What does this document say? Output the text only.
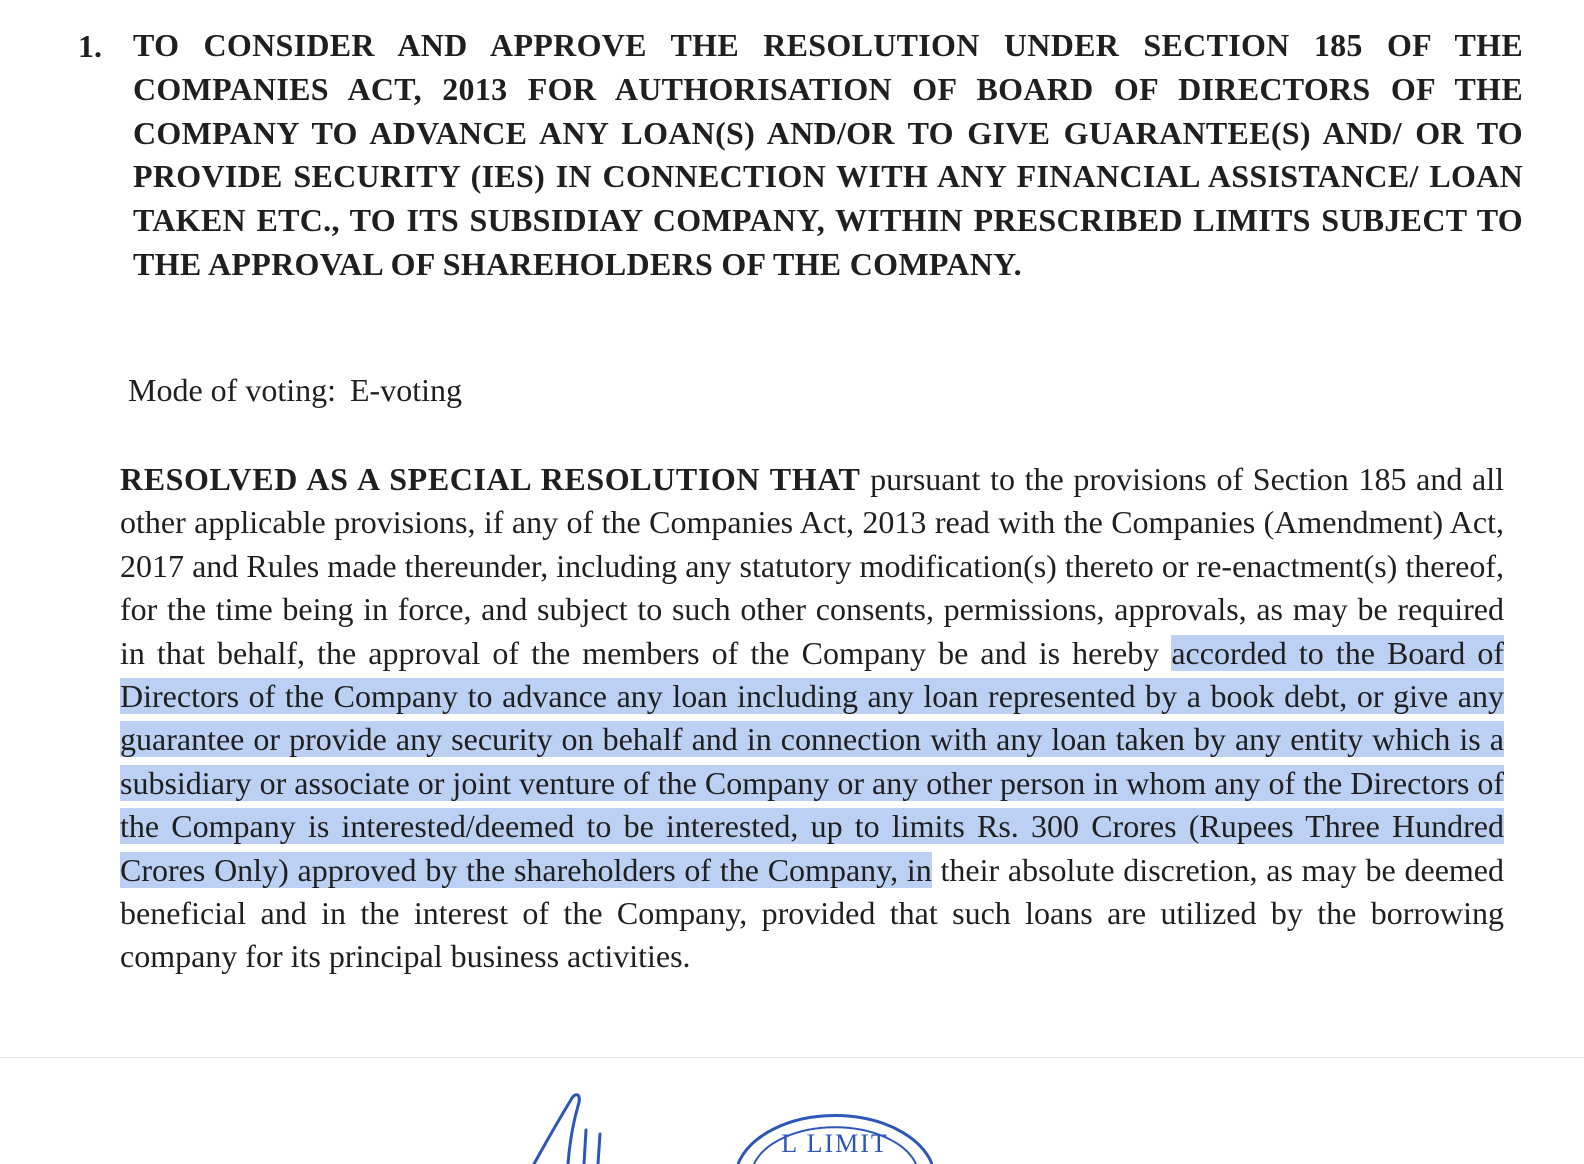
1. TO CONSIDER AND APPROVE THE RESOLUTION UNDER SECTION 185 OF THE COMPANIES ACT, 2013 FOR AUTHORISATION OF BOARD OF DIRECTORS OF THE COMPANY TO ADVANCE ANY LOAN(S) AND/OR TO GIVE GUARANTEE(S) AND/ OR TO PROVIDE SECURITY (IES) IN CONNECTION WITH ANY FINANCIAL ASSISTANCE/ LOAN TAKEN ETC., TO ITS SUBSIDIAY COMPANY, WITHIN PRESCRIBED LIMITS SUBJECT TO THE APPROVAL OF SHAREHOLDERS OF THE COMPANY.

Mode of voting: E-voting

RESOLVED AS A SPECIAL RESOLUTION THAT pursuant to the provisions of Section 185 and all other applicable provisions, if any of the Companies Act, 2013 read with the Companies (Amendment) Act, 2017 and Rules made thereunder, including any statutory modification(s) thereto or re-enactment(s) thereof, for the time being in force, and subject to such other consents, permissions, approvals, as may be required in that behalf, the approval of the members of the Company be and is hereby accorded to the Board of Directors of the Company to advance any loan including any loan represented by a book debt, or give any guarantee or provide any security on behalf and in connection with any loan taken by any entity which is a subsidiary or associate or joint venture of the Company or any other person in whom any of the Directors of the Company is interested/deemed to be interested, up to limits Rs. 300 Crores (Rupees Three Hundred Crores Only) approved by the shareholders of the Company, in their absolute discretion, as may be deemed beneficial and in the interest of the Company, provided that such loans are utilized by the borrowing company for its principal business activities.

L LIMIT
